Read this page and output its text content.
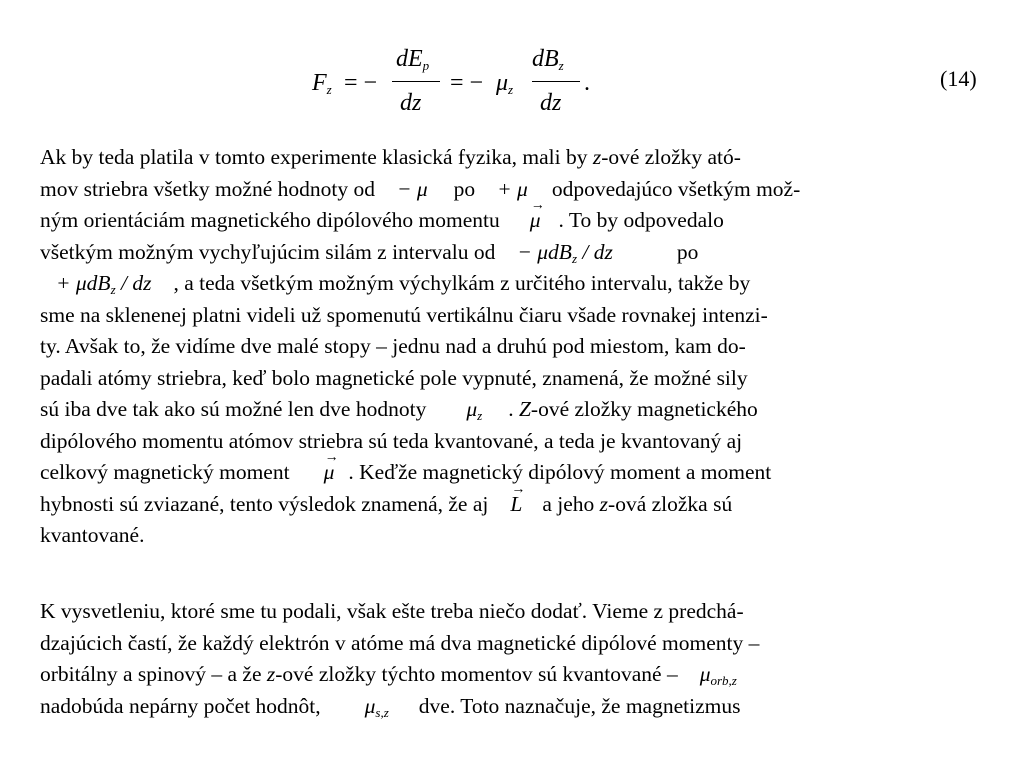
$F_z$ = −
$dE_p$
dz
= − $\mu_z$
$dB_z$
dz
.	(14)
Ak by teda platila v tomto experimente klasická fyzika, mali by z-ové zložky ató-
mov striebra všetky možné hodnoty od − μ po + μ odpovedajúco všetkým mož-
ným orientáciám magnetického dipólového momentu → μ . To by odpovedalo
všetkým možným vychyľujúcim silám z intervalu od − μdB$_z$ / dz	po
+ μdB$_z$ / dz , a teda všetkým možným výchylkám z určitého intervalu, takže by
sme na sklenenej platni videli už spomenutú vertikálnu čiaru všade rovnakej intenzi-
ty. Avšak to, že vidíme dve malé stopy – jednu nad a druhú pod miestom, kam do-
padali atómy striebra, keď bolo magnetické pole vypnuté, znamená, že možné sily
sú iba dve tak ako sú možné len dve hodnoty $\mu_z$ . Z-ové zložky magnetického
dipólového momentu atómov striebra sú teda kvantované, a teda je kvantovaný aj
celkový magnetický moment → μ . Keďže magnetický dipólový moment a moment
hybnosti sú zviazané, tento výsledok znamená, že aj → L a jeho z-ová zložka sú
kvantované.
K vysvetleniu, ktoré sme tu podali, však ešte treba niečo dodať. Vieme z predchá-
dzajúcich častí, že každý elektrón v atóme má dva magnetické dipólové momenty –
orbitálny a spinový – a že z-ové zložky týchto momentov sú kvantované – $\mu_{orb,z}$
nadobúda nepárny počet hodnôt, $\mu_{s,z}$ dve. Toto naznačuje, že magnetizmus
